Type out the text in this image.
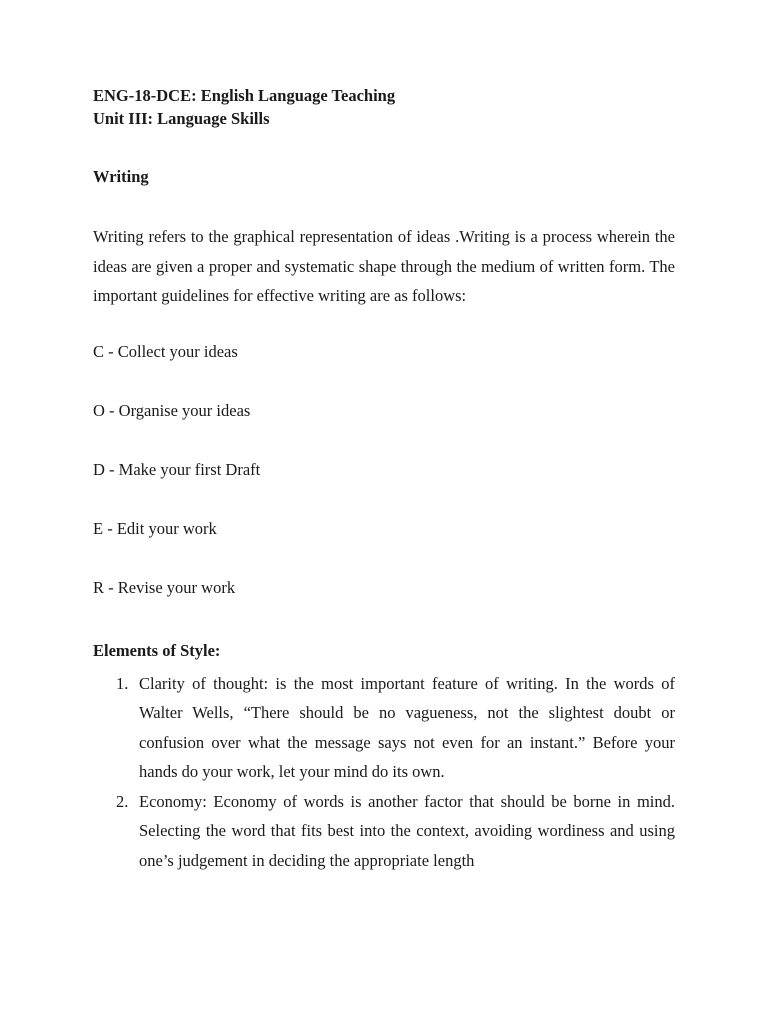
ENG-18-DCE: English Language Teaching
Unit III: Language Skills
Writing
Writing refers to the graphical representation of ideas .Writing is a process wherein the ideas are given a proper and systematic shape through the medium of written form. The important guidelines for effective writing are as follows:
C - Collect your ideas
O - Organise your ideas
D - Make your first Draft
E - Edit your work
R - Revise your work
Elements of Style:
1. Clarity of thought: is the most important feature of writing. In the words of Walter Wells, “There should be no vagueness, not the slightest doubt or confusion over what the message says not even for an instant.” Before your hands do your work, let your mind do its own.
2. Economy: Economy of words is another factor that should be borne in mind. Selecting the word that fits best into the context, avoiding wordiness and using one’s judgement in deciding the appropriate length
